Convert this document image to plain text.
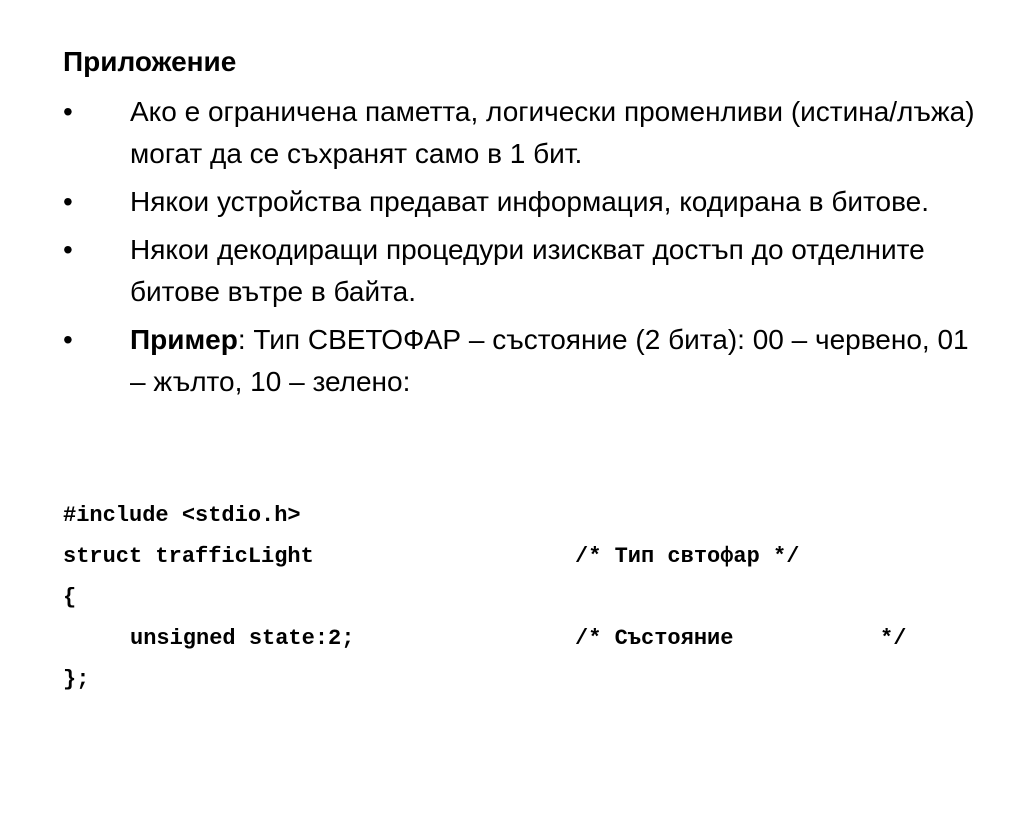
Приложение
• Ако е ограничена паметта, логически променливи (истина/лъжа) могат да се съхранят само в 1 бит.
• Някои устройства предават информация, кодирана в битове.
• Някои декодиращи процедури изискват достъп до отделните битове вътре в байта.
• Пример: Тип СВЕТОФАР – състояние (2 бита): 00 – червено, 01 – жълто, 10 – зелено:

#include <stdio.h>

struct trafficLight

	/* Тип свтофар */

{

unsigned state:2;

	/* Състояние

	*/

};
